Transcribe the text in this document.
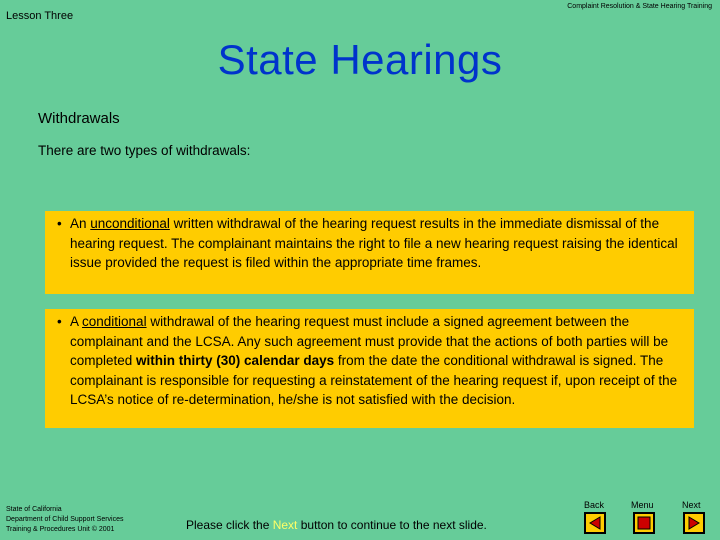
Lesson Three
Complaint Resolution & State Hearing Training
State Hearings
Withdrawals
There are two types of withdrawals:
• An unconditional written withdrawal of the hearing request results in the immediate dismissal of the hearing request. The complainant maintains the right to file a new hearing request raising the identical issue provided the request is filed within the appropriate time frames.
• A conditional withdrawal of the hearing request must include a signed agreement between the complainant and the LCSA. Any such agreement must provide that the actions of both parties will be completed within thirty (30) calendar days from the date the conditional withdrawal is signed. The complainant is responsible for requesting a reinstatement of the hearing request if, upon receipt of the LCSA’s notice of re-determination, he/she is not satisfied with the decision.
State of California
Department of Child Support Services
Training & Procedures Unit © 2001	Please click the Next button to continue to the next slide.
Back	Menu	Next
